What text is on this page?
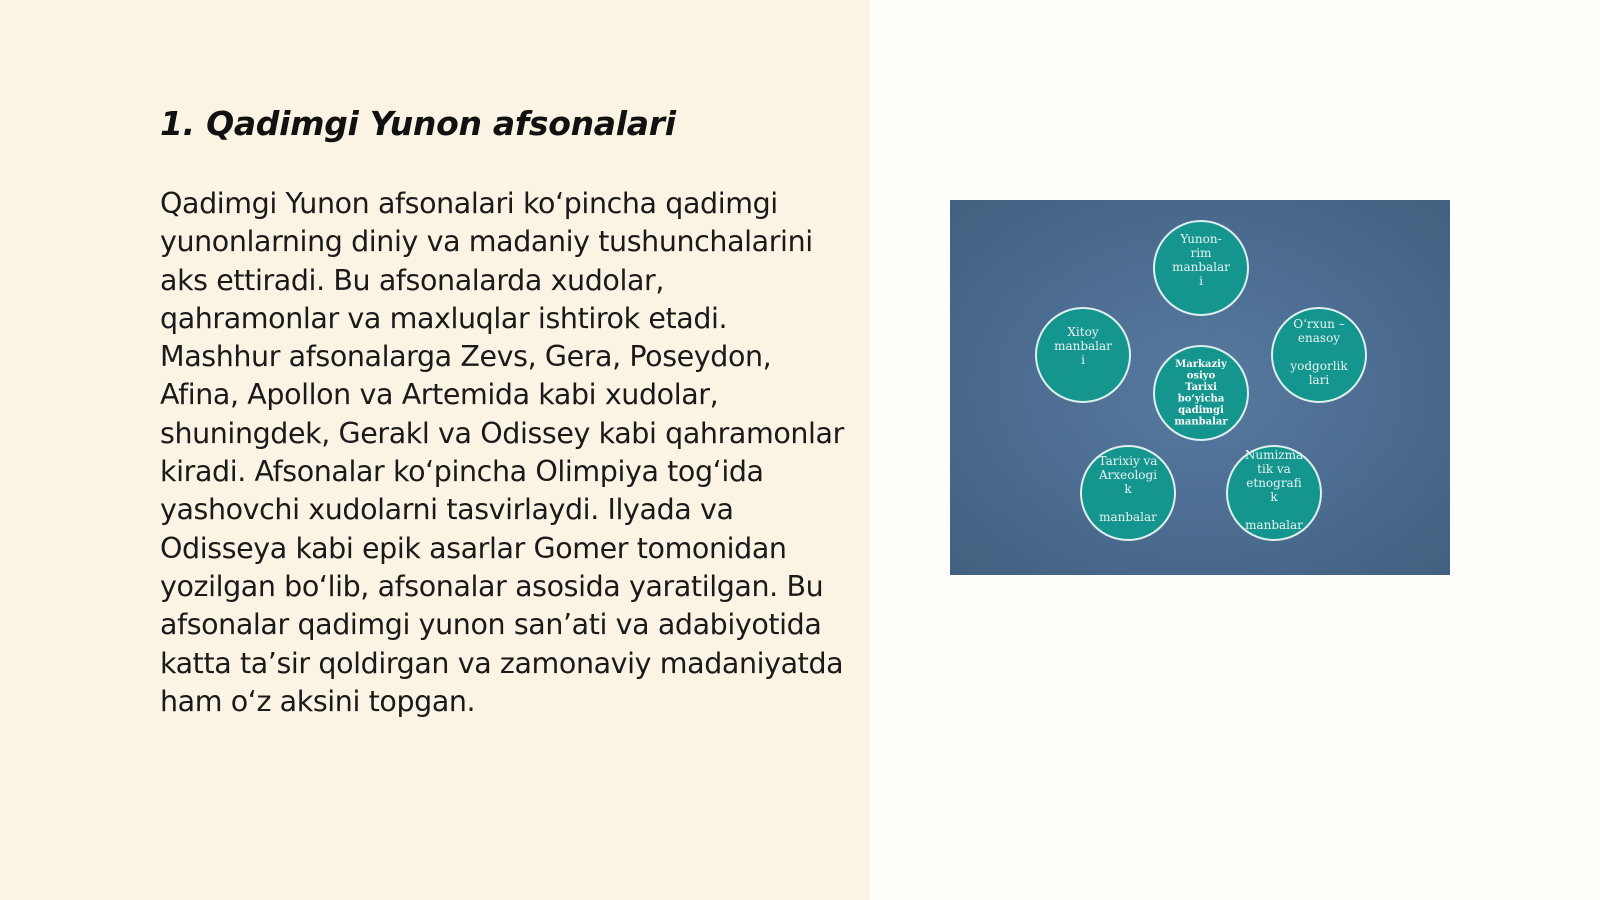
1. Qadimgi Yunon afsonalari

Qadimgi Yunon afsonalari ko‘pincha qadimgi yunonlarning diniy va madaniy tushunchalarini aks ettiradi. Bu afsonalarda xudolar, qahramonlar va maxluqlar ishtirok etadi. Mashhur afsonalarga Zevs, Gera, Poseydon, Afina, Apollon va Artemida kabi xudolar, shuningdek, Gerakl va Odissey kabi qahramonlar kiradi. Afsonalar ko‘pincha Olimpiya tog‘ida yashovchi xudolarni tasvirlaydi. Ilyada va Odisseya kabi epik asarlar Gomer tomonidan yozilgan bo‘lib, afsonalar asosida yaratilgan. Bu afsonalar qadimgi yunon san’ati va adabiyotida katta ta’sir qoldirgan va zamonaviy madaniyatda ham o‘z aksini topgan.

Yunon-rim manbalar i
Xitoy manbalar i
O‘rxun – enasoy yodgorlik lari
Tarixiy va Arxeologi k manbalar
Numizma tik va etnografi k manbalar
Markaziy osiyo Tarixi bo‘yicha qadimgi manbalar
